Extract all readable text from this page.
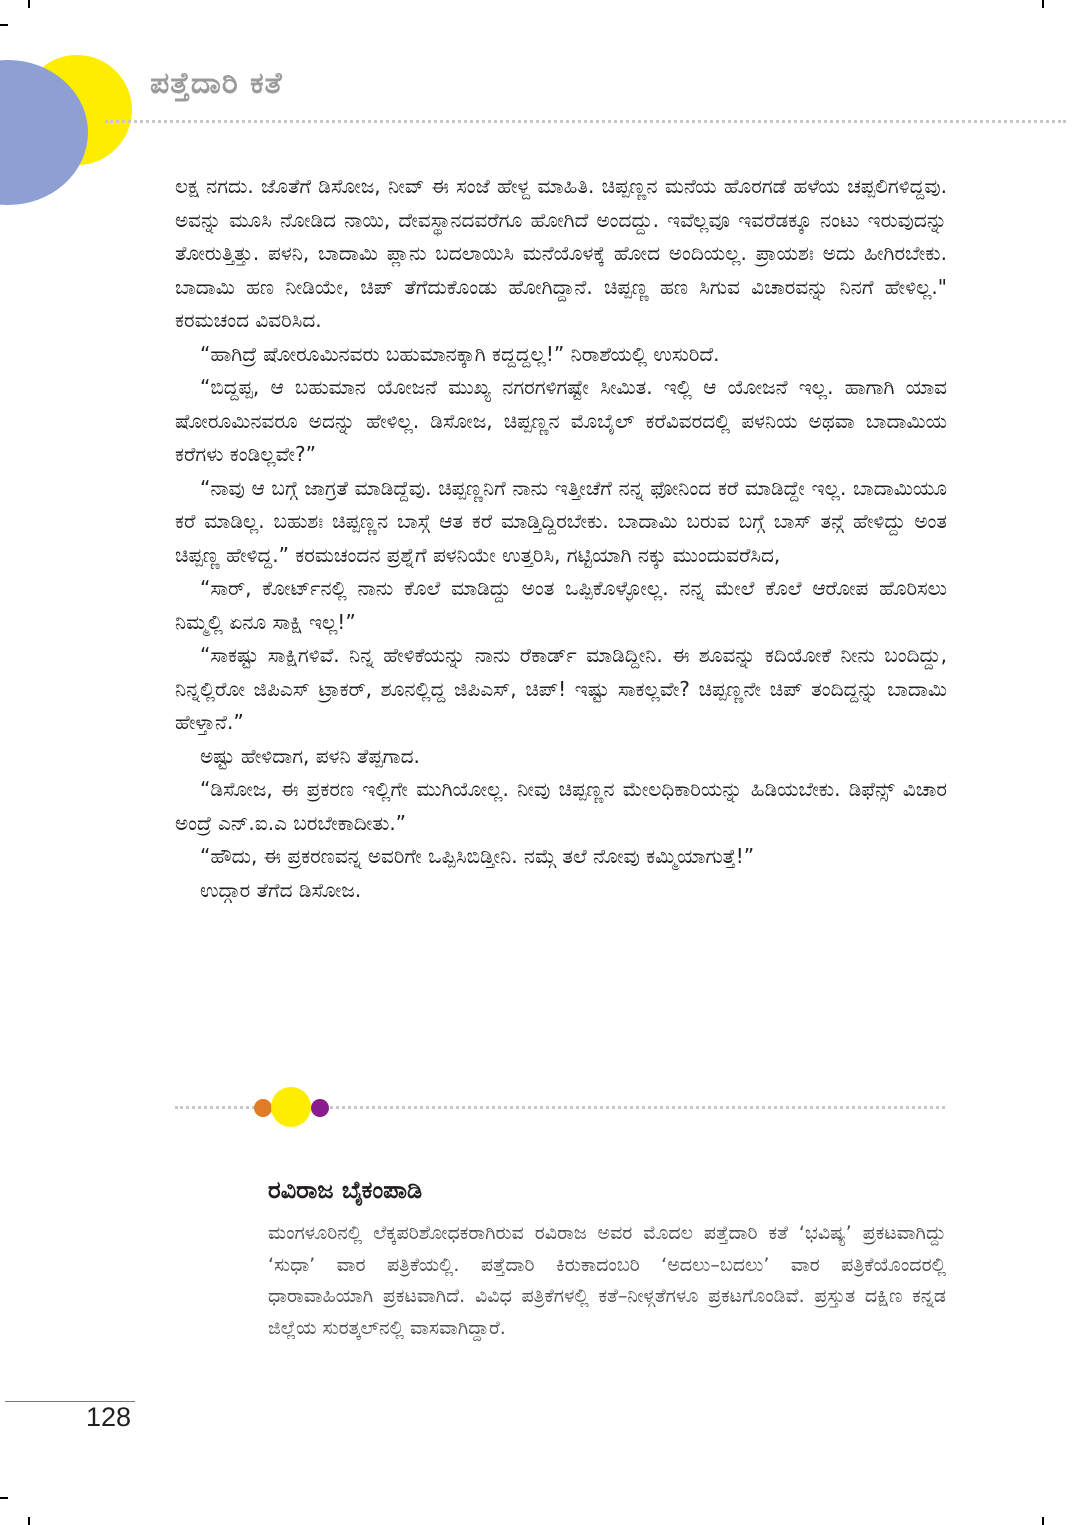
ಪತ್ತೆದಾರಿ ಕತೆ

ಲಕ್ಷ ನಗದು. ಜೊತೆಗೆ ಡಿಸೋಜ, ನೀವ್ ಈ ಸಂಜೆ ಹೇಳ್ದ ಮಾಹಿತಿ. ಚಿಪ್ಪಣ್ಣನ ಮನೆಯ ಹೊರಗಡೆ ಹಳೆಯ ಚಪ್ಪಲಿಗಳಿದ್ದವು. ಅವನ್ನು ಮೂಸಿ ನೋಡಿದ ನಾಯಿ, ದೇವಸ್ಥಾನದವರೆಗೂ ಹೋಗಿದೆ ಅಂದದ್ದು. ಇವೆಲ್ಲವೂ ಇವರೆಡಕ್ಕೂ ನಂಟು ಇರುವುದನ್ನು ತೋರುತ್ತಿತ್ತು. ಪಳನಿ, ಬಾದಾಮಿ ಪ್ಲಾನು ಬದಲಾಯಿಸಿ ಮನೆಯೊಳಕ್ಕೆ ಹೋದ ಅಂದಿಯಲ್ಲ. ಪ್ರಾಯಶಃ ಅದು ಹೀಗಿರಬೇಕು. ಬಾದಾಮಿ ಹಣ ನೀಡಿಯೇ, ಚಿಪ್ ತೆಗೆದುಕೊಂಡು ಹೋಗಿದ್ದಾನೆ. ಚಿಪ್ಪಣ್ಣ ಹಣ ಸಿಗುವ ವಿಚಾರವನ್ನು ನಿನಗೆ ಹೇಳಿಲ್ಲ." ಕರಮಚಂದ ವಿವರಿಸಿದ.

“ಹಾಗಿದ್ರೆ ಷೋರೂಮಿನವರು ಬಹುಮಾನಕ್ಕಾಗಿ ಕದ್ದದ್ದಲ್ಲ!” ನಿರಾಶೆಯಲ್ಲಿ ಉಸುರಿದೆ.

“ಬಿದ್ದಪ್ಪ, ಆ ಬಹುಮಾನ ಯೋಜನೆ ಮುಖ್ಯ ನಗರಗಳಿಗಷ್ಟೇ ಸೀಮಿತ. ಇಲ್ಲಿ ಆ ಯೋಜನೆ ಇಲ್ಲ. ಹಾಗಾಗಿ ಯಾವ ಷೋರೂಮಿನವರೂ ಅದನ್ನು ಹೇಳಿಲ್ಲ. ಡಿಸೋಜ, ಚಿಪ್ಪಣ್ಣನ ಮೊಬೈಲ್ ಕರೆವಿವರದಲ್ಲಿ ಪಳನಿಯ ಅಥವಾ ಬಾದಾಮಿಯ ಕರೆಗಳು ಕಂಡಿಲ್ಲವೇ?”

“ನಾವು ಆ ಬಗ್ಗೆ ಜಾಗ್ರತೆ ಮಾಡಿದ್ದೆವು. ಚಿಪ್ಪಣ್ಣನಿಗೆ ನಾನು ಇತ್ತೀಚೆಗೆ ನನ್ನ ಫೋನಿಂದ ಕರೆ ಮಾಡಿದ್ದೇ ಇಲ್ಲ. ಬಾದಾಮಿಯೂ ಕರೆ ಮಾಡಿಲ್ಲ. ಬಹುಶಃ ಚಿಪ್ಪಣ್ಣನ ಬಾಸ್ಗೆ ಆತ ಕರೆ ಮಾಡ್ತಿದ್ದಿರಬೇಕು. ಬಾದಾಮಿ ಬರುವ ಬಗ್ಗೆ ಬಾಸ್ ತನ್ಗೆ ಹೇಳಿದ್ದು ಅಂತ ಚಿಪ್ಪಣ್ಣ ಹೇಳಿದ್ದ.” ಕರಮಚಂದನ ಪ್ರಶ್ನೆಗೆ ಪಳನಿಯೇ ಉತ್ತರಿಸಿ, ಗಟ್ಟಿಯಾಗಿ ನಕ್ಕು ಮುಂದುವರೆಸಿದ,

“ಸಾರ್, ಕೋರ್ಟ್‌ನಲ್ಲಿ ನಾನು ಕೊಲೆ ಮಾಡಿದ್ದು ಅಂತ ಒಪ್ಪಿಕೊಳ್ಳೋಲ್ಲ. ನನ್ನ ಮೇಲೆ ಕೊಲೆ ಆರೋಪ ಹೊರಿಸಲು ನಿಮ್ಮಲ್ಲಿ ಏನೂ ಸಾಕ್ಷಿ ಇಲ್ಲ!”

“ಸಾಕಷ್ಟು ಸಾಕ್ಷಿಗಳಿವೆ. ನಿನ್ನ ಹೇಳಿಕೆಯನ್ನು ನಾನು ರೆಕಾರ್ಡ್ ಮಾಡಿದ್ದೀನಿ. ಈ ಶೂವನ್ನು ಕದಿಯೋಕೆ ನೀನು ಬಂದಿದ್ದು, ನಿನ್ನಲ್ಲಿರೋ ಜಿಪಿಎಸ್ ಟ್ರಾಕರ್, ಶೂನಲ್ಲಿದ್ದ ಜಿಪಿಎಸ್, ಚಿಪ್! ಇಷ್ಟು ಸಾಕಲ್ಲವೇ? ಚಿಪ್ಪಣ್ಣನೇ ಚಿಪ್ ತಂದಿದ್ದನ್ನು ಬಾದಾಮಿ ಹೇಳ್ತಾನೆ.”

ಅಷ್ಟು ಹೇಳಿದಾಗ, ಪಳನಿ ತೆಪ್ಪಗಾದ.

“ಡಿಸೋಜ, ಈ ಪ್ರಕರಣ ಇಲ್ಲಿಗೇ ಮುಗಿಯೋಲ್ಲ. ನೀವು ಚಿಪ್ಪಣ್ಣನ ಮೇಲಧಿಕಾರಿಯನ್ನು ಹಿಡಿಯಬೇಕು. ಡಿಫೆನ್ಸ್ ವಿಚಾರ ಅಂದ್ರೆ ಎನ್.ಐ.ಎ ಬರಬೇಕಾದೀತು.”

“ಹೌದು, ಈ ಪ್ರಕರಣವನ್ನ ಅವರಿಗೇ ಒಪ್ಪಿಸಿಬಿಡ್ತೀನಿ. ನಮ್ಗೆ ತಲೆ ನೋವು ಕಮ್ಮಿಯಾಗುತ್ತೆ!”

ಉದ್ಗಾರ ತೆಗೆದ ಡಿಸೋಜ.

ರವಿರಾಜ ಬೈಕಂಪಾಡಿ
ಮಂಗಳೂರಿನಲ್ಲಿ ಲೆಕ್ಕಪರಿಶೋಧಕರಾಗಿರುವ ರವಿರಾಜ ಅವರ ಮೊದಲ ಪತ್ತೆದಾರಿ ಕತೆ ‘ಭವಿಷ್ಯ’ ಪ್ರಕಟವಾಗಿದ್ದು ‘ಸುಧಾ’ ವಾರ ಪತ್ರಿಕೆಯಲ್ಲಿ. ಪತ್ತೆದಾರಿ ಕಿರುಕಾದಂಬರಿ ‘ಅದಲು–ಬದಲು’ ವಾರ ಪತ್ರಿಕೆಯೊಂದರಲ್ಲಿ ಧಾರಾವಾಹಿಯಾಗಿ ಪ್ರಕಟವಾಗಿದೆ. ವಿವಿಧ ಪತ್ರಿಕೆಗಳಲ್ಲಿ ಕತೆ–ನೀಳ್ಗತೆಗಳೂ ಪ್ರಕಟಗೊಂಡಿವೆ. ಪ್ರಸ್ತುತ ದಕ್ಷಿಣ ಕನ್ನಡ ಜಿಲ್ಲೆಯ ಸುರತ್ಕಲ್‌ನಲ್ಲಿ ವಾಸವಾಗಿದ್ದಾರೆ.
128
